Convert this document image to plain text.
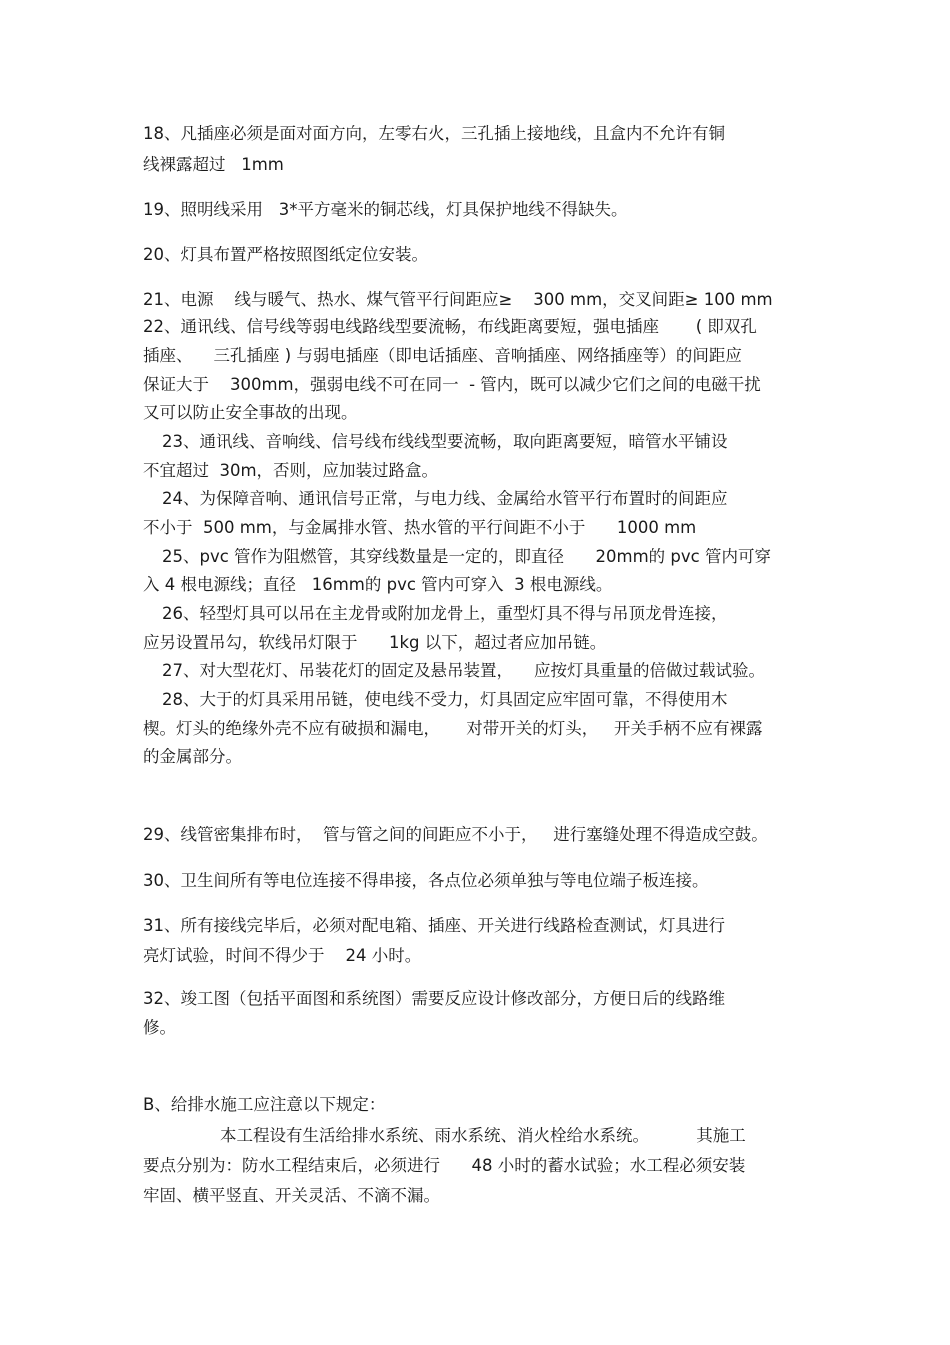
18、凡插座必须是面对面方向，左零右火，三孔插上接地线，且盒内不允许有铜
线裸露超过   1mm
19、照明线采用   3*平方毫米的铜芯线，灯具保护地线不得缺失。
20、灯具布置严格按照图纸定位安装。
21、电源    线与暖气、热水、煤气管平行间距应≥    300 mm，交叉间距≥ 100 mm
22、通讯线、信号线等弱电线路线型要流畅，布线距离要短，强电插座       ( 即双孔
插座、    三孔插座 ) 与弱电插座（即电话插座、音响插座、网络插座等）的间距应
保证大于    300mm，强弱电线不可在同一  - 管内，既可以减少它们之间的电磁干扰
又可以防止安全事故的出现。
23、通讯线、音响线、信号线布线线型要流畅，取向距离要短，暗管水平铺设
不宜超过  30m，否则，应加装过路盒。
24、为保障音响、通讯信号正常，与电力线、金属给水管平行布置时的间距应
不小于  500 mm，与金属排水管、热水管的平行间距不小于      1000 mm
25、pvc 管作为阻燃管，其穿线数量是一定的，即直径      20mm的 pvc 管内可穿
入 4 根电源线；直径   16mm的 pvc 管内可穿入  3 根电源线。
26、轻型灯具可以吊在主龙骨或附加龙骨上，重型灯具不得与吊顶龙骨连接，
应另设置吊勾，软线吊灯限于      1kg 以下，超过者应加吊链。
27、对大型花灯、吊装花灯的固定及悬吊装置，    应按灯具重量的倍做过载试验。
28、大于的灯具采用吊链，使电线不受力，灯具固定应牢固可靠，不得使用木
楔。灯头的绝缘外壳不应有破损和漏电，     对带开关的灯头，   开关手柄不应有裸露
的金属部分。
29、线管密集排布时，  管与管之间的间距应不小于，   进行塞缝处理不得造成空鼓。
30、卫生间所有等电位连接不得串接，各点位必须单独与等电位端子板连接。
31、所有接线完毕后，必须对配电箱、插座、开关进行线路检查测试，灯具进行
亮灯试验，时间不得少于    24 小时。
32、竣工图（包括平面图和系统图）需要反应设计修改部分，方便日后的线路维
修。
B、给排水施工应注意以下规定：
本工程设有生活给排水系统、雨水系统、消火栓给水系统。         其施工
要点分别为：防水工程结束后，必须进行      48 小时的蓄水试验；水工程必须安装
牢固、横平竖直、开关灵活、不滴不漏。
